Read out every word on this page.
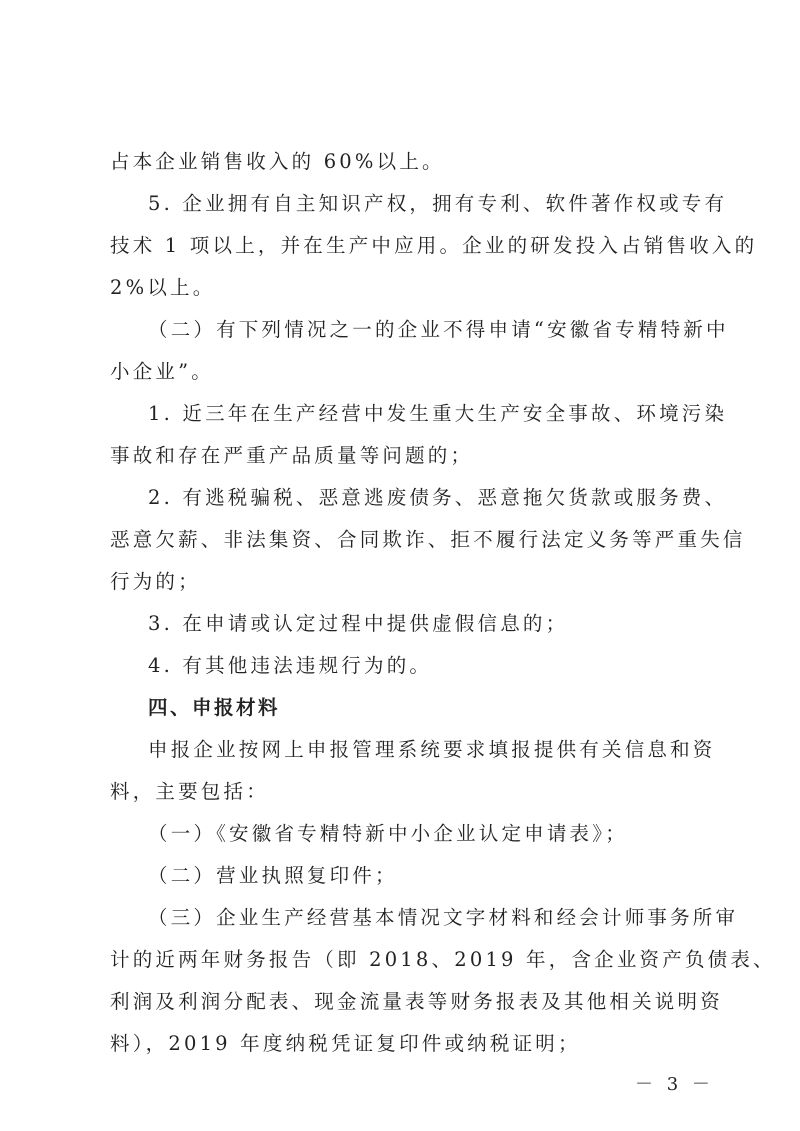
占本企业销售收入的 60%以上。
5. 企业拥有自主知识产权，拥有专利、软件著作权或专有
技术 1 项以上，并在生产中应用。企业的研发投入占销售收入的
2%以上。
（二）有下列情况之一的企业不得申请“安徽省专精特新中
小企业”。
1. 近三年在生产经营中发生重大生产安全事故、环境污染
事故和存在严重产品质量等问题的；
2. 有逃税骗税、恶意逃废债务、恶意拖欠货款或服务费、
恶意欠薪、非法集资、合同欺诈、拒不履行法定义务等严重失信
行为的；
3. 在申请或认定过程中提供虚假信息的；
4. 有其他违法违规行为的。
四、申报材料
申报企业按网上申报管理系统要求填报提供有关信息和资
料，主要包括：
（一）《安徽省专精特新中小企业认定申请表》；
（二）营业执照复印件；
（三）企业生产经营基本情况文字材料和经会计师事务所审
计的近两年财务报告（即 2018、2019 年，含企业资产负债表、
利润及利润分配表、现金流量表等财务报表及其他相关说明资
料），2019 年度纳税凭证复印件或纳税证明；
－ 3 －
